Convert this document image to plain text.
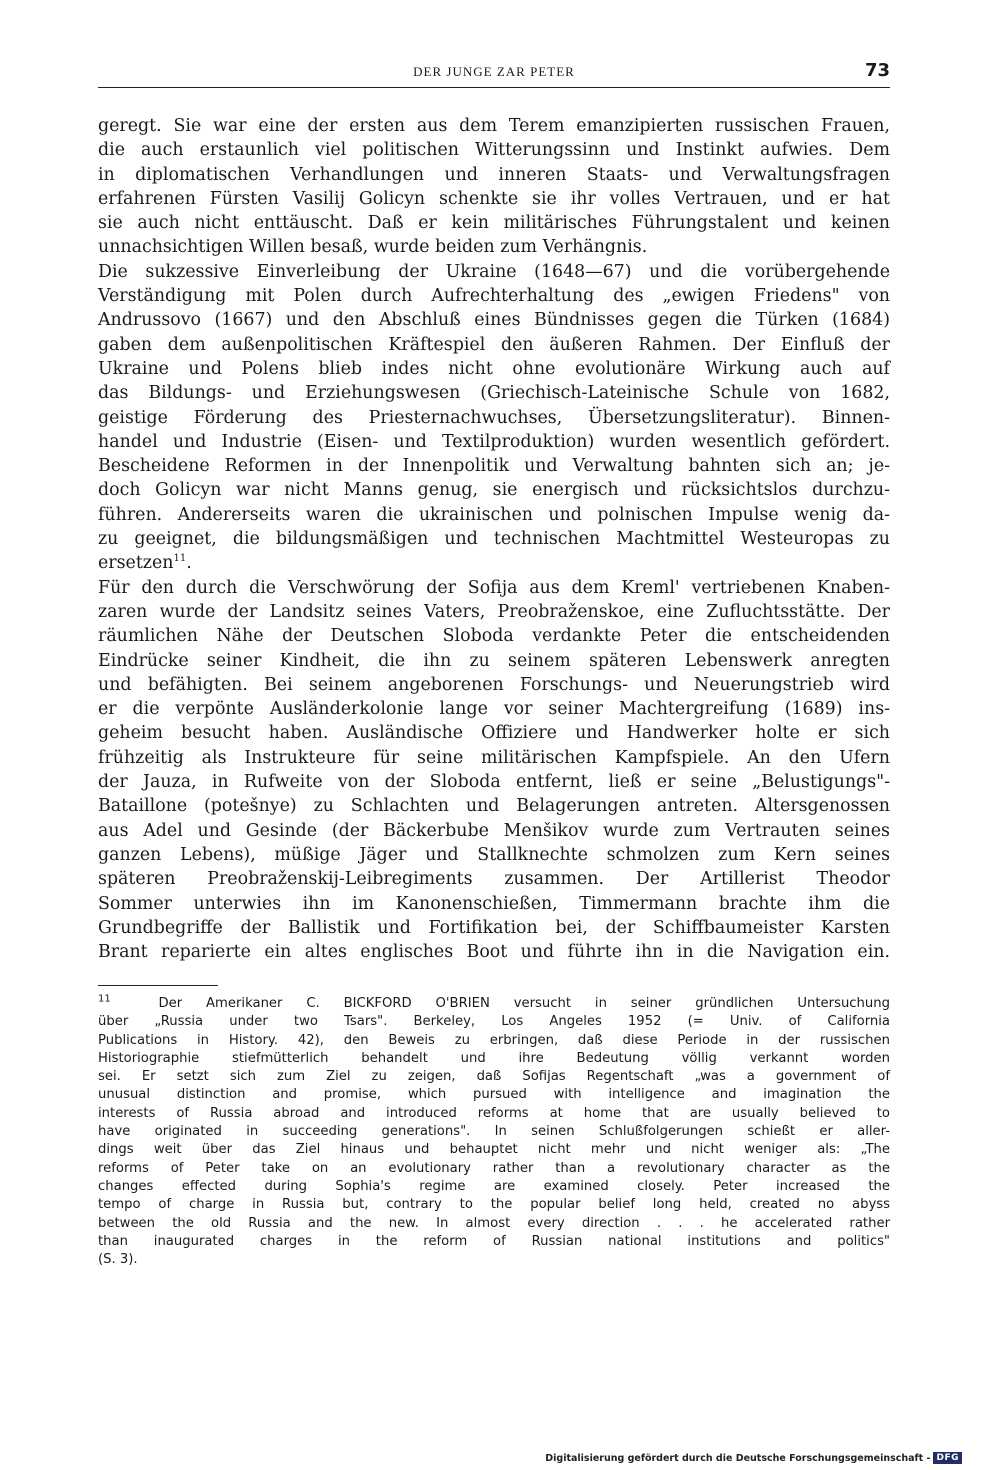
DER JUNGE ZAR PETER	73
geregt. Sie war eine der ersten aus dem Terem emanzipierten russischen Frauen,
die auch erstaunlich viel politischen Witterungssinn und Instinkt aufwies. Dem
in diplomatischen Verhandlungen und inneren Staats- und Verwaltungsfragen
erfahrenen Fürsten Vasilij Golicyn schenkte sie ihr volles Vertrauen, und er hat
sie auch nicht enttäuscht. Daß er kein militärisches Führungstalent und keinen
unnachsichtigen Willen besaß, wurde beiden zum Verhängnis.
Die sukzessive Einverleibung der Ukraine (1648—67) und die vorübergehende
Verständigung mit Polen durch Aufrechterhaltung des „ewigen Friedens" von
Andrussovo (1667) und den Abschluß eines Bündnisses gegen die Türken (1684)
gaben dem außenpolitischen Kräftespiel den äußeren Rahmen. Der Einfluß der
Ukraine und Polens blieb indes nicht ohne evolutionäre Wirkung auch auf
das Bildungs- und Erziehungswesen (Griechisch-Lateinische Schule von 1682,
geistige Förderung des Priesternachwuchses, Übersetzungsliteratur). Binnen-
handel und Industrie (Eisen- und Textilproduktion) wurden wesentlich gefördert.
Bescheidene Reformen in der Innenpolitik und Verwaltung bahnten sich an; je-
doch Golicyn war nicht Manns genug, sie energisch und rücksichtslos durchzu-
führen. Andererseits waren die ukrainischen und polnischen Impulse wenig da-
zu geeignet, die bildungsmäßigen und technischen Machtmittel Westeuropas zu
ersetzen$^{11}$.
Für den durch die Verschwörung der Sofija aus dem Kreml' vertriebenen Knaben-
zaren wurde der Landsitz seines Vaters, Preobraženskoe, eine Zufluchtsstätte. Der
räumlichen Nähe der Deutschen Sloboda verdankte Peter die entscheidenden
Eindrücke seiner Kindheit, die ihn zu seinem späteren Lebenswerk anregten
und befähigten. Bei seinem angeborenen Forschungs- und Neuerungstrieb wird
er die verpönte Ausländerkolonie lange vor seiner Machtergreifung (1689) ins-
geheim besucht haben. Ausländische Offiziere und Handwerker holte er sich
frühzeitig als Instrukteure für seine militärischen Kampfspiele. An den Ufern
der Jauza, in Rufweite von der Sloboda entfernt, ließ er seine „Belustigungs"-
Bataillone (potešnye) zu Schlachten und Belagerungen antreten. Altersgenossen
aus Adel und Gesinde (der Bäckerbube Menšikov wurde zum Vertrauten seines
ganzen Lebens), müßige Jäger und Stallknechte schmolzen zum Kern seines
späteren Preobraženskij-Leibregiments zusammen. Der Artillerist Theodor
Sommer unterwies ihn im Kanonenschießen, Timmermann brachte ihm die
Grundbegriffe der Ballistik und Fortifikation bei, der Schiffbaumeister Karsten
Brant reparierte ein altes englisches Boot und führte ihn in die Navigation ein.
$^{11}$	Der Amerikaner C. BICKFORD O'BRIEN versucht in seiner gründlichen Untersuchung
über „Russia under two Tsars". Berkeley, Los Angeles 1952 (= Univ. of California
Publications in History. 42), den Beweis zu erbringen, daß diese Periode in der russischen
Historiographie stiefmütterlich behandelt und ihre Bedeutung völlig verkannt worden
sei. Er setzt sich zum Ziel zu zeigen, daß Sofijas Regentschaft „was a government of
unusual distinction and promise, which pursued with intelligence and imagination the
interests of Russia abroad and introduced reforms at home that are usually believed to
have originated in succeeding generations". In seinen Schlußfolgerungen schießt er aller-
dings weit über das Ziel hinaus und behauptet nicht mehr und nicht weniger als: „The
reforms of Peter take on an evolutionary rather than a revolutionary character as the
changes effected during Sophia's regime are examined closely. Peter increased the
tempo of charge in Russia but, contrary to the popular belief long held, created no abyss
between the old Russia and the new. In almost every direction . . . he accelerated rather
than inaugurated charges in the reform of Russian national institutions and politics"
(S. 3).
Digitalisierung gefördert durch die Deutsche Forschungsgemeinschaft - DFG
